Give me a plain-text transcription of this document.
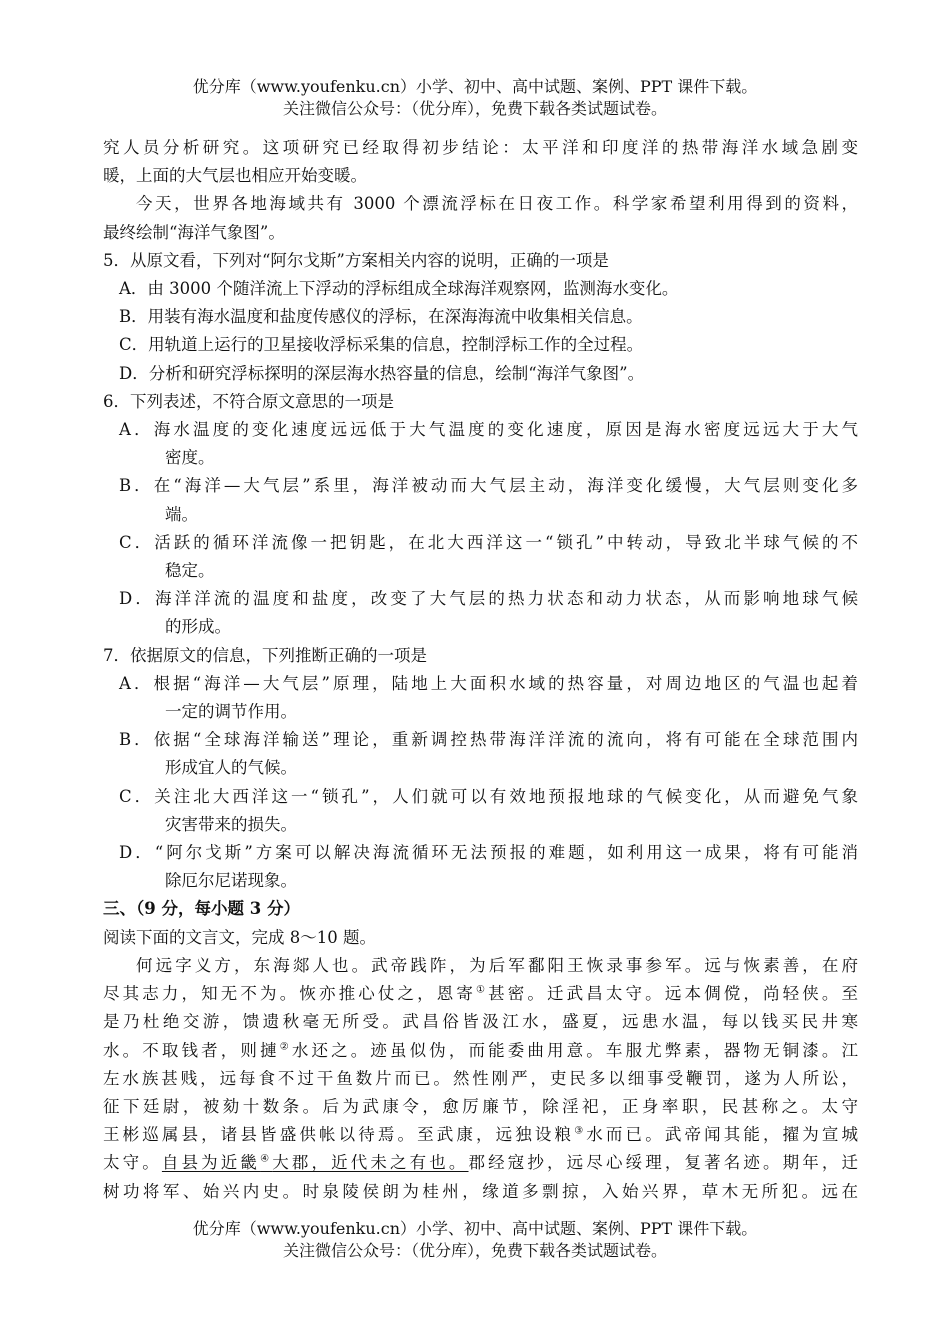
优分库（www.youfenku.cn）小学、初中、高中试题、案例、PPT 课件下载。
关注微信公众号：（优分库），免费下载各类试题试卷。
究人员分析研究。这项研究已经取得初步结论：太平洋和印度洋的热带海洋水域急剧变
暖，上面的大气层也相应开始变暖。
今天，世界各地海域共有 3000 个漂流浮标在日夜工作。科学家希望利用得到的资料，
最终绘制“海洋气象图”。
5．从原文看，下列对“阿尔戈斯”方案相关内容的说明，正确的一项是
A．由 3000 个随洋流上下浮动的浮标组成全球海洋观察网，监测海水变化。
B．用装有海水温度和盐度传感仪的浮标，在深海海流中收集相关信息。
C．用轨道上运行的卫星接收浮标采集的信息，控制浮标工作的全过程。
D．分析和研究浮标探明的深层海水热容量的信息，绘制“海洋气象图”。
6．下列表述，不符合原文意思的一项是
A．海水温度的变化速度远远低于大气温度的变化速度，原因是海水密度远远大于大气
密度。
B．在“海洋—大气层”系里，海洋被动而大气层主动，海洋变化缓慢，大气层则变化多
端。
C．活跃的循环洋流像一把钥匙，在北大西洋这一“锁孔”中转动，导致北半球气候的不
稳定。
D．海洋洋流的温度和盐度，改变了大气层的热力状态和动力状态，从而影响地球气候
的形成。
7．依据原文的信息，下列推断正确的一项是
A．根据“海洋—大气层”原理，陆地上大面积水域的热容量，对周边地区的气温也起着
一定的调节作用。
B．依据“全球海洋输送”理论，重新调控热带海洋洋流的流向，将有可能在全球范围内
形成宜人的气候。
C．关注北大西洋这一“锁孔”，人们就可以有效地预报地球的气候变化，从而避免气象
灾害带来的损失。
D．“阿尔戈斯”方案可以解决海流循环无法预报的难题，如利用这一成果，将有可能消
除厄尔尼诺现象。
三、（9 分，每小题 3 分）
阅读下面的文言文，完成 8～10 题。
何远字义方，东海郯人也。武帝践阼，为后军鄱阳王恢录事参军。远与恢素善，在府
尽其志力，知无不为。恢亦推心仗之，恩寄①甚密。迁武昌太守。远本倜傥，尚轻侠。至
是乃杜绝交游，馈遗秋毫无所受。武昌俗皆汲江水，盛夏，远患水温，每以钱买民井寒
水。不取钱者，则摙②水还之。迹虽似伪，而能委曲用意。车服尤弊素，器物无铜漆。江
左水族甚贱，远每食不过干鱼数片而已。然性刚严，吏民多以细事受鞭罚，遂为人所讼，
征下廷尉，被劾十数条。后为武康令，愈厉廉节，除淫祀，正身率职，民甚称之。太守
王彬巡属县，诸县皆盛供帐以待焉。至武康，远独设粮③水而已。武帝闻其能，擢为宣城
太守。自县为近畿④大郡，近代未之有也。郡经寇抄，远尽心绥理，复著名迹。期年，迁
树功将军、始兴内史。时泉陵侯朗为桂州，缘道多剽掠，入始兴界，草木无所犯。远在
优分库（www.youfenku.cn）小学、初中、高中试题、案例、PPT 课件下载。
关注微信公众号：（优分库），免费下载各类试题试卷。
